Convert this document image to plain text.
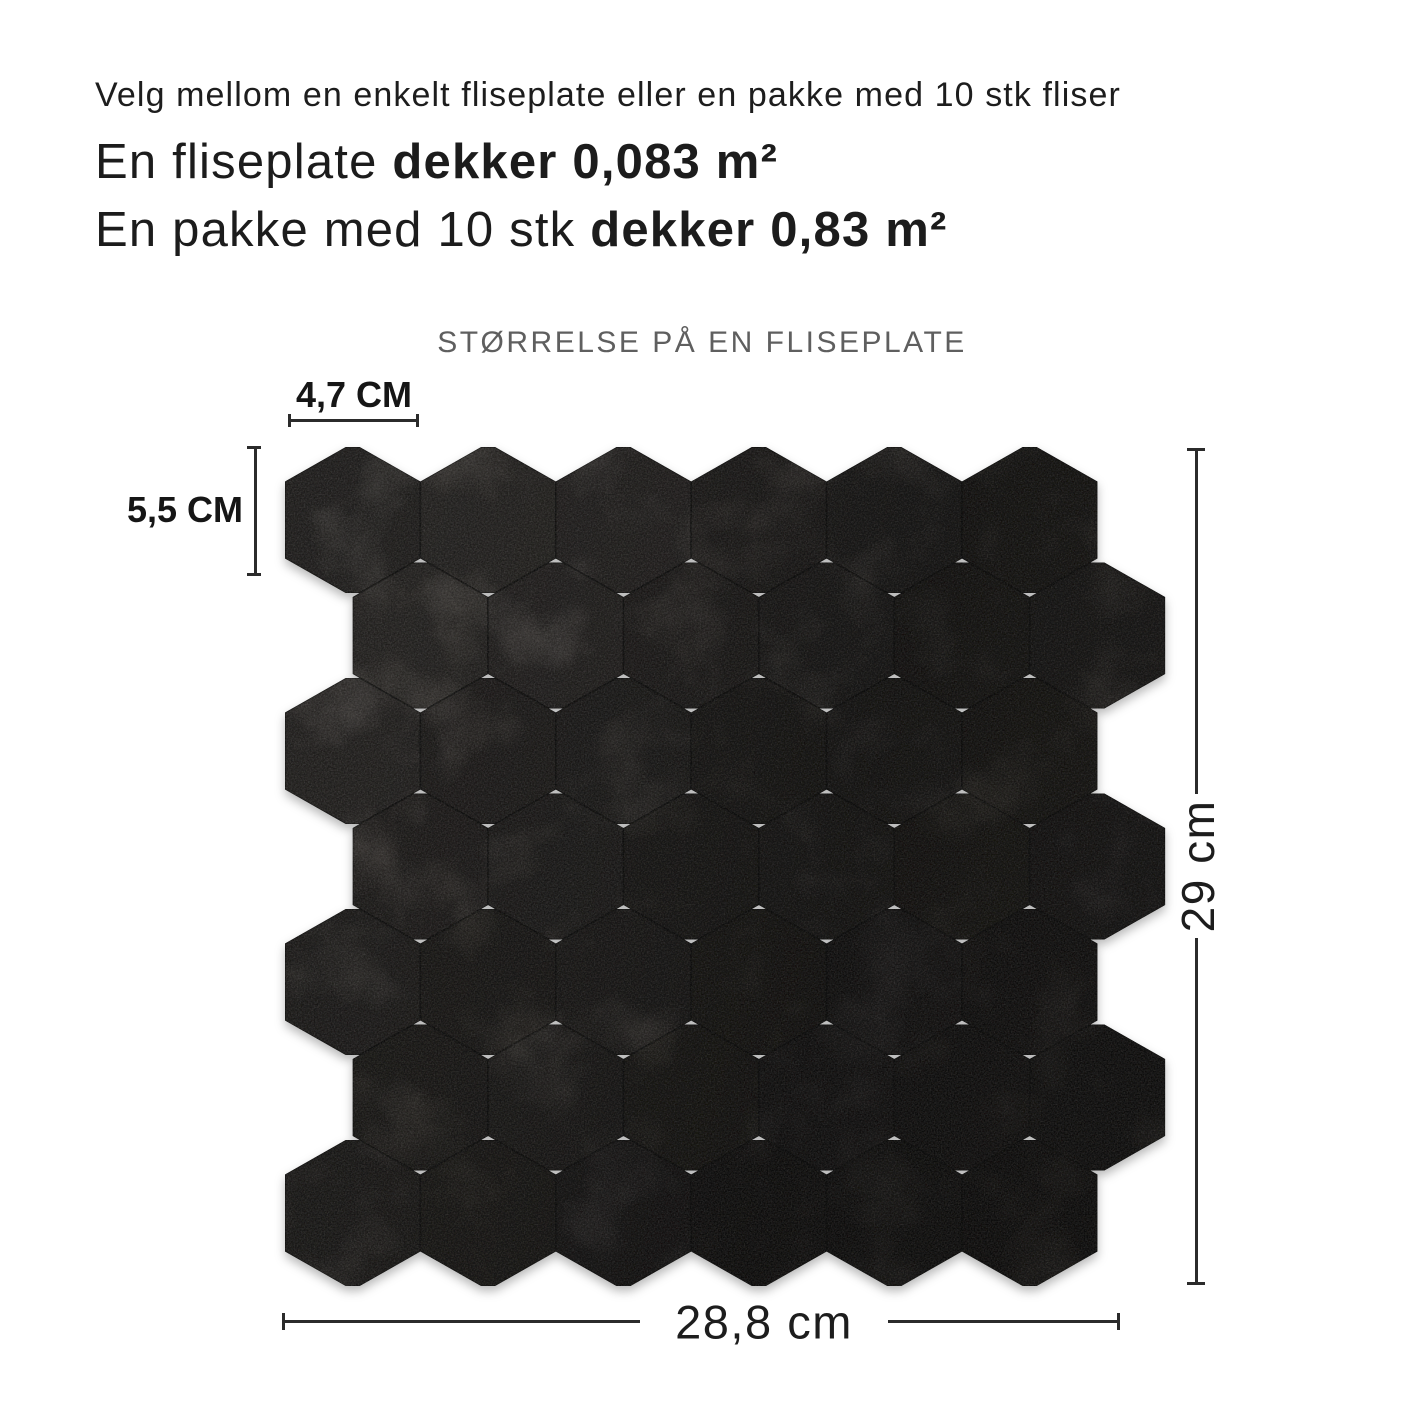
Velg mellom en enkelt fliseplate eller en pakke med 10 stk fliser
En fliseplate dekker 0,083 m²
En pakke med 10 stk dekker 0,83 m²
STØRRELSE PÅ EN FLISEPLATE
4,7 CM
5,5 CM
29 cm
28,8 cm
